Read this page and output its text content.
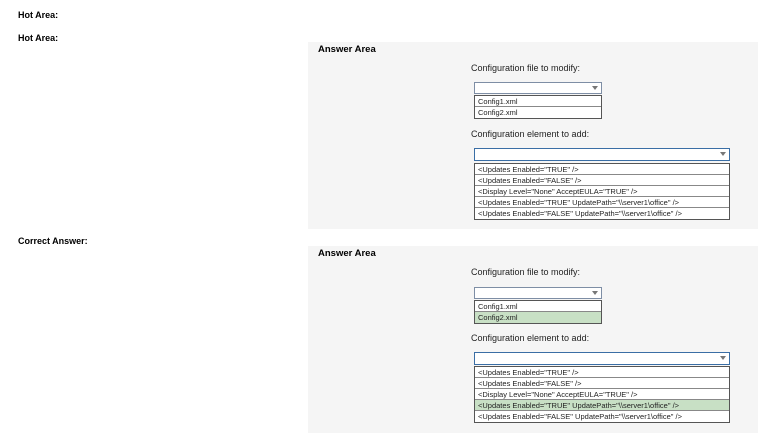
Hot Area:
Hot Area:
Correct Answer:
Answer Area
Configuration file to modify:
Config1.xml
Config2.xml
Configuration element to add:
<Updates Enabled="TRUE" />
<Updates Enabled="FALSE" />
<Display Level="None" AcceptEULA="TRUE" />
<Updates Enabled="TRUE" UpdatePath="\\server1\office" />
<Updates Enabled="FALSE" UpdatePath="\\server1\office" />
Answer Area
Configuration file to modify:
Config1.xml
Config2.xml
Configuration element to add:
<Updates Enabled="TRUE" />
<Updates Enabled="FALSE" />
<Display Level="None" AcceptEULA="TRUE" />
<Updates Enabled="TRUE" UpdatePath="\\server1\office" />
<Updates Enabled="FALSE" UpdatePath="\\server1\office" />
